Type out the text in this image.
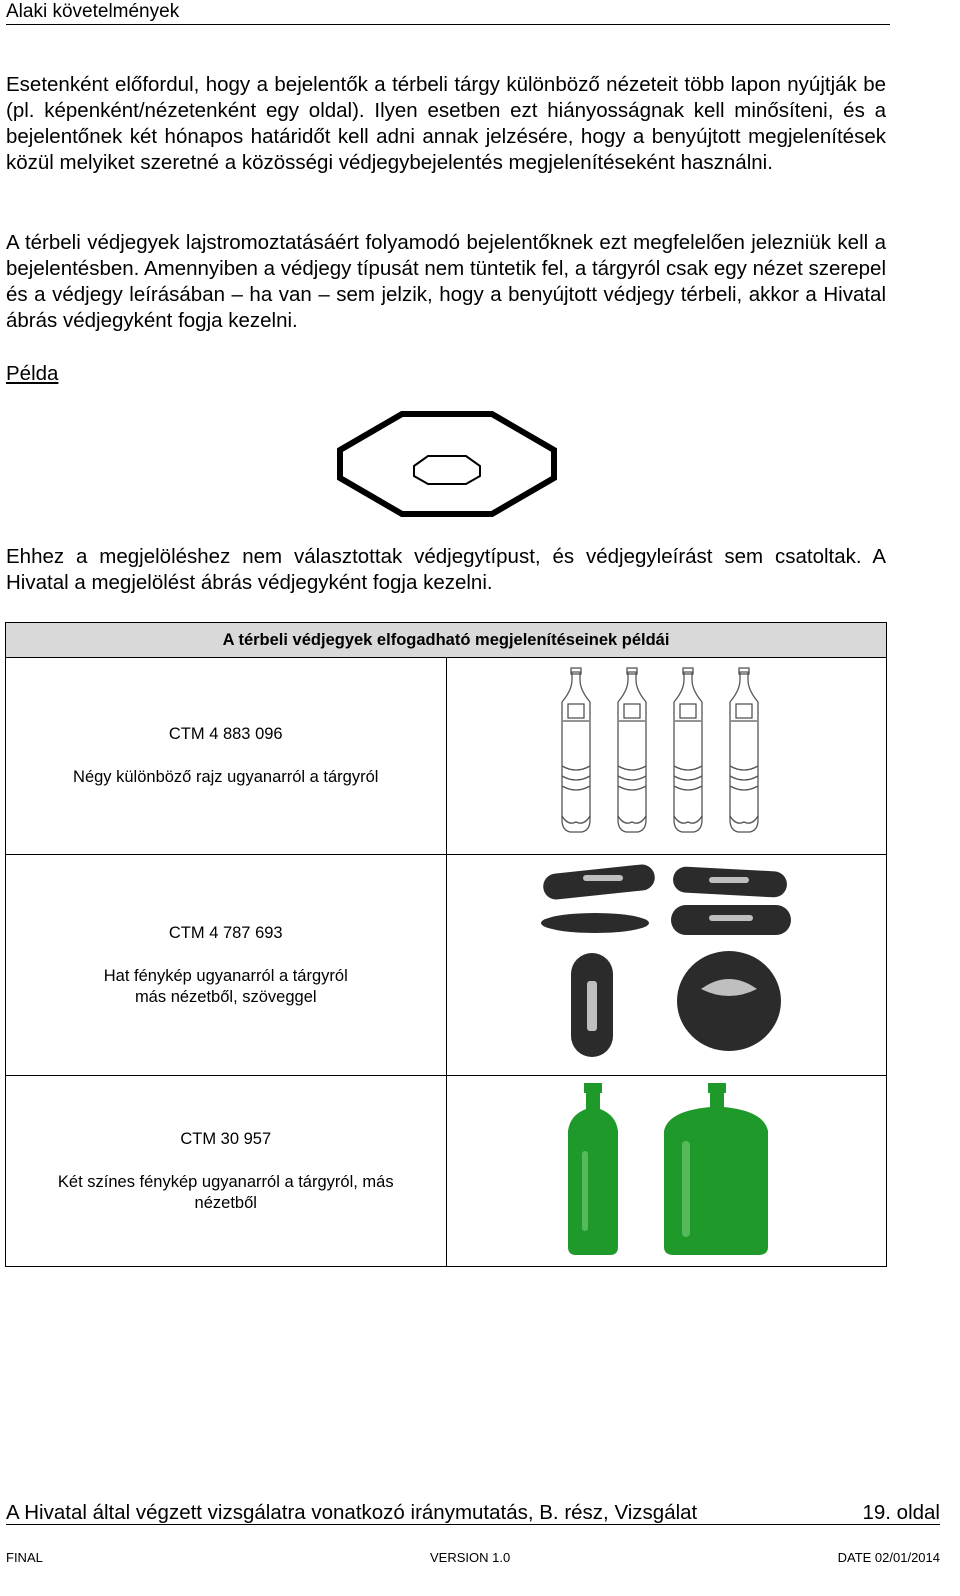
Alaki követelmények

Esetenként előfordul, hogy a bejelentők a térbeli tárgy különböző nézeteit több lapon nyújtják be (pl. képenként/nézetenként egy oldal). Ilyen esetben ezt hiányosságnak kell minősíteni, és a bejelentőnek két hónapos határidőt kell adni annak jelzésére, hogy a benyújtott megjelenítések közül melyiket szeretné a közösségi védjegybejelentés megjelenítéseként használni.

A térbeli védjegyek lajstromoztatásáért folyamodó bejelentőknek ezt megfelelően jelezniük kell a bejelentésben. Amennyiben a védjegy típusát nem tüntetik fel, a tárgyról csak egy nézet szerepel és a védjegy leírásában – ha van – sem jelzik, hogy a benyújtott védjegy térbeli, akkor a Hivatal ábrás védjegyként fogja kezelni.

Példa

Ehhez a megjelöléshez nem választottak védjegytípust, és védjegyleírást sem csatoltak. A Hivatal a megjelölést ábrás védjegyként fogja kezelni.

A térbeli védjegyek elfogadható megjelenítéseinek példái	

CTM 4 883 096
Négy különböző rajz ugyanarról a tárgyról

CTM 4 787 693
Hat fénykép ugyanarról a tárgyról
más nézetből, szöveggel

CTM 30 957
Két színes fénykép ugyanarról a tárgyról, más
nézetből

A Hivatal által végzett vizsgálatra vonatkozó iránymutatás, B. rész, Vizsgálat	19. oldal
FINAL	VERSION 1.0	DATE 02/01/2014
